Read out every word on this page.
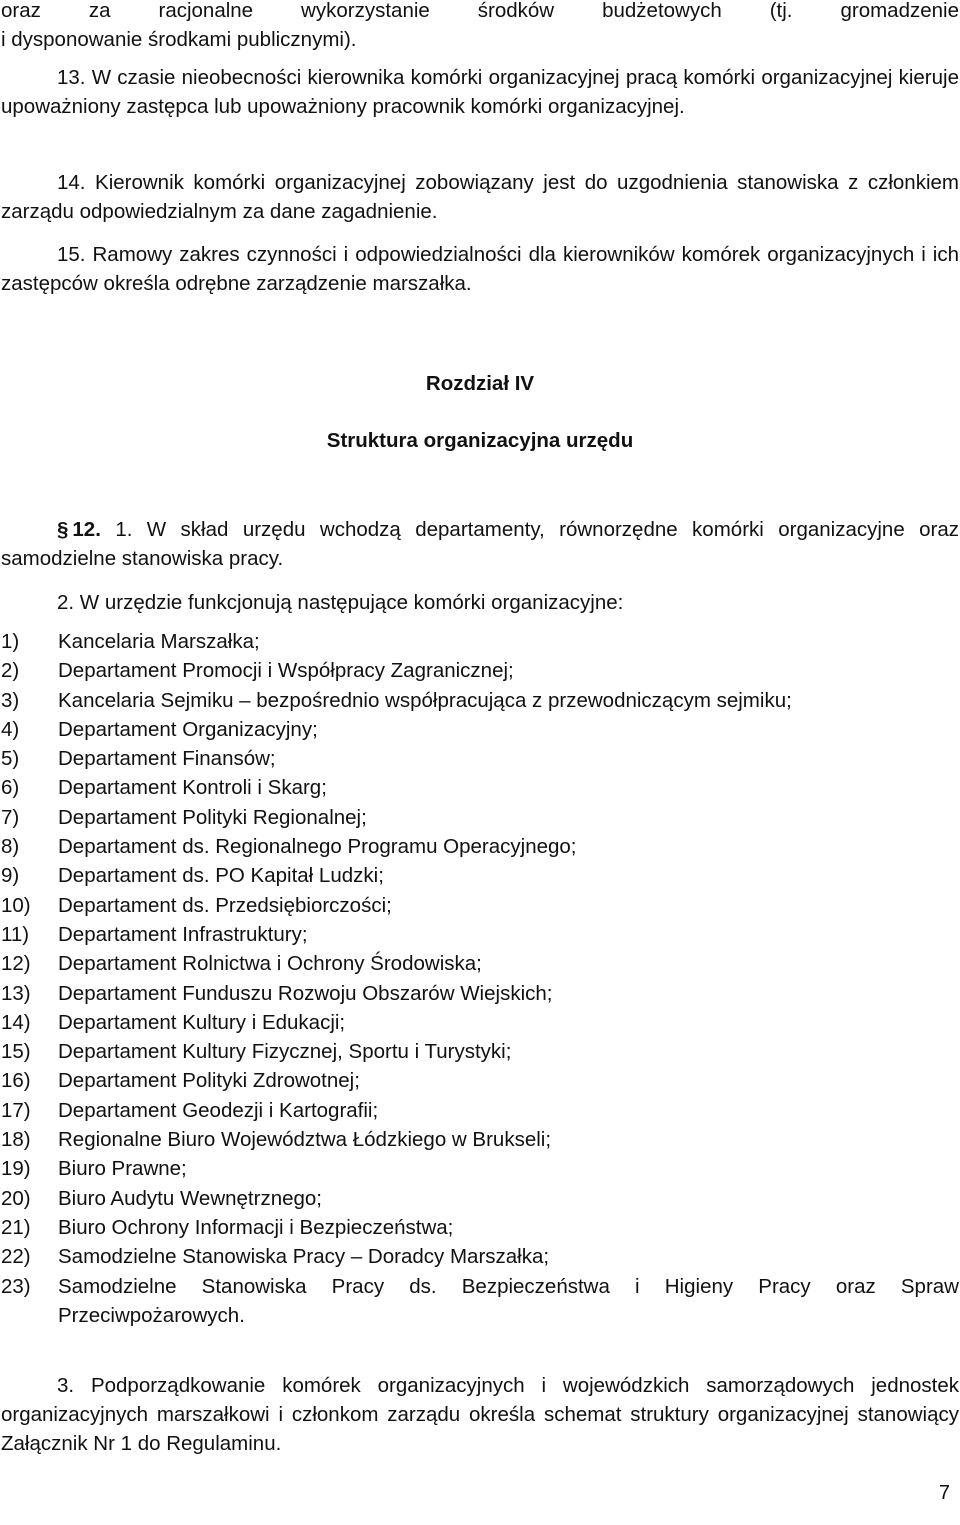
oraz za racjonalne wykorzystanie środków budżetowych (tj. gromadzenie

i dysponowanie środkami publicznymi).

13. W czasie nieobecności kierownika komórki organizacyjnej pracą komórki organizacyjnej kieruje upoważniony zastępca lub upoważniony pracownik komórki organizacyjnej.

14. Kierownik komórki organizacyjnej zobowiązany jest do uzgodnienia stanowiska z członkiem zarządu odpowiedzialnym za dane zagadnienie.

15. Ramowy zakres czynności i odpowiedzialności dla kierowników komórek organizacyjnych i ich zastępców określa odrębne zarządzenie marszałka.

Rozdział IV
Struktura organizacyjna urzędu

§ 12. 1. W skład urzędu wchodzą departamenty, równorzędne komórki organizacyjne oraz samodzielne stanowiska pracy.

2. W urzędzie funkcjonują następujące komórki organizacyjne:

1) Kancelaria Marszałka;
2) Departament Promocji i Współpracy Zagranicznej;
3) Kancelaria Sejmiku – bezpośrednio współpracująca z przewodniczącym sejmiku;
4) Departament Organizacyjny;
5) Departament Finansów;
6) Departament Kontroli i Skarg;
7) Departament Polityki Regionalnej;
8) Departament ds. Regionalnego Programu Operacyjnego;
9) Departament ds. PO Kapitał Ludzki;
10) Departament ds. Przedsiębiorczości;
11) Departament Infrastruktury;
12) Departament Rolnictwa i Ochrony Środowiska;
13) Departament Funduszu Rozwoju Obszarów Wiejskich;
14) Departament Kultury i Edukacji;
15) Departament Kultury Fizycznej, Sportu i Turystyki;
16) Departament Polityki Zdrowotnej;
17) Departament Geodezji i Kartografii;
18) Regionalne Biuro Województwa Łódzkiego w Brukseli;
19) Biuro Prawne;
20) Biuro Audytu Wewnętrznego;
21) Biuro Ochrony Informacji i Bezpieczeństwa;
22) Samodzielne Stanowiska Pracy – Doradcy Marszałka;
23) Samodzielne Stanowiska Pracy ds. Bezpieczeństwa i Higieny Pracy oraz Spraw Przeciwpożarowych.

3. Podporządkowanie komórek organizacyjnych i wojewódzkich samorządowych jednostek organizacyjnych marszałkowi i członkom zarządu określa schemat struktury organizacyjnej stanowiący Załącznik Nr 1 do Regulaminu.

7
